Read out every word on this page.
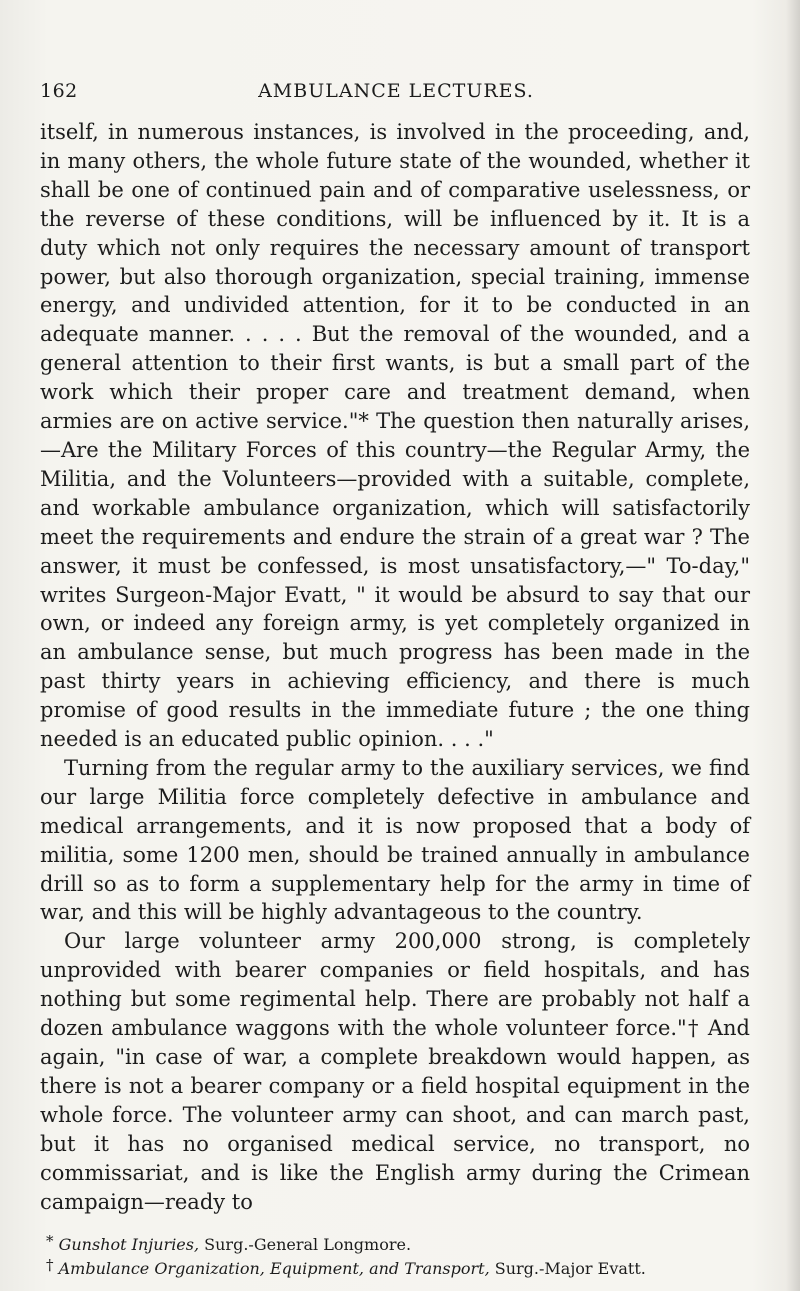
162	AMBULANCE LECTURES.

itself, in numerous instances, is involved in the proceeding, and, in many others, the whole future state of the wounded, whether it shall be one of continued pain and of comparative uselessness, or the reverse of these conditions, will be influenced by it. It is a duty which not only requires the necessary amount of transport power, but also thorough organization, special training, immense energy, and undivided attention, for it to be conducted in an adequate manner. . . . . But the removal of the wounded, and a general attention to their first wants, is but a small part of the work which their proper care and treatment demand, when armies are on active service."* The question then naturally arises,—Are the Military Forces of this country—the Regular Army, the Militia, and the Volunteers—provided with a suitable, complete, and workable ambulance organization, which will satisfactorily meet the requirements and endure the strain of a great war ? The answer, it must be confessed, is most unsatisfactory,—" To-day," writes Surgeon-Major Evatt, " it would be absurd to say that our own, or indeed any foreign army, is yet completely organized in an ambulance sense, but much progress has been made in the past thirty years in achieving efficiency, and there is much promise of good results in the immediate future ; the one thing needed is an educated public opinion. . . ."

Turning from the regular army to the auxiliary services, we find our large Militia force completely defective in ambulance and medical arrangements, and it is now proposed that a body of militia, some 1200 men, should be trained annually in ambulance drill so as to form a supplementary help for the army in time of war, and this will be highly advantageous to the country.

Our large volunteer army 200,000 strong, is completely unprovided with bearer companies or field hospitals, and has nothing but some regimental help. There are probably not half a dozen ambulance waggons with the whole volunteer force."† And again, "in case of war, a complete breakdown would happen, as there is not a bearer company or a field hospital equipment in the whole force. The volunteer army can shoot, and can march past, but it has no organised medical service, no transport, no commissariat, and is like the English army during the Crimean campaign—ready to

* Gunshot Injuries, Surg.-General Longmore.

† Ambulance Organization, Equipment, and Transport, Surg.-Major Evatt.
